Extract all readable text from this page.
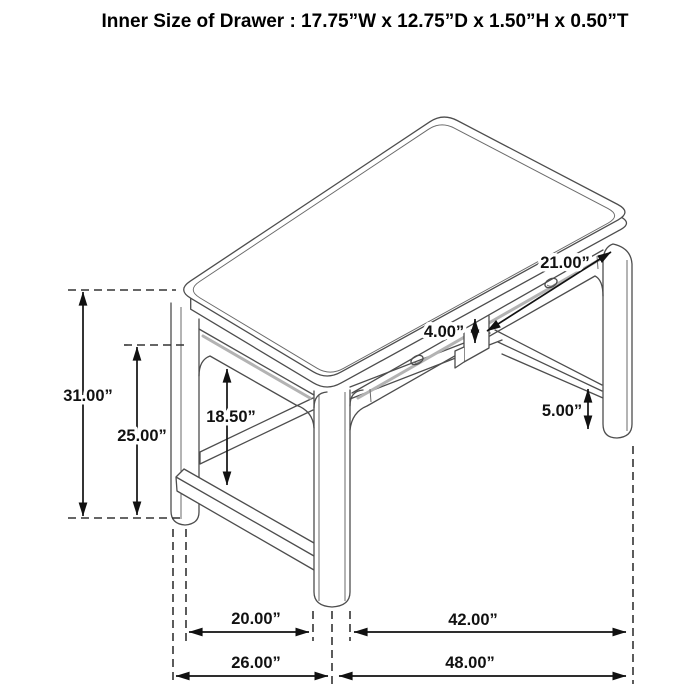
Inner Size of Drawer : 17.75”W x 12.75”D x 1.50”H x 0.50”T
31.00”
25.00”
18.50”
4.00”
5.00”
21.00”
20.00”	42.00”
26.00”	48.00”
